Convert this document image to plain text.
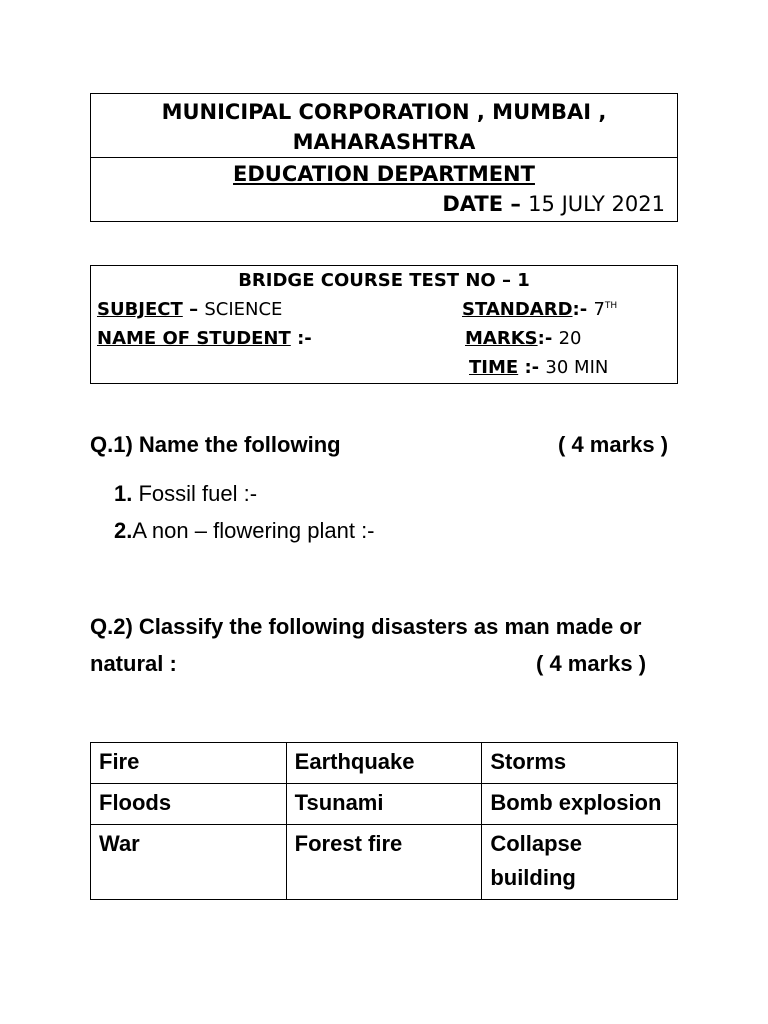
MUNICIPAL CORPORATION , MUMBAI ,
MAHARASHTRA
EDUCATION DEPARTMENT
DATE – 15 JULY 2021
BRIDGE COURSE TEST NO – 1
SUBJECT – SCIENCE	STANDARD:- 7TH
NAME OF STUDENT :-	MARKS:- 20
TIME :- 30 MIN
Q.1) Name the following	( 4 marks )
1. Fossil fuel :-
2.A non – flowering plant :-
Q.2) Classify the following disasters as man made or
natural :	( 4 marks )
Fire	Earthquake	Storms
Floods	Tsunami	Bomb explosion
War	Forest fire	Collapse building
